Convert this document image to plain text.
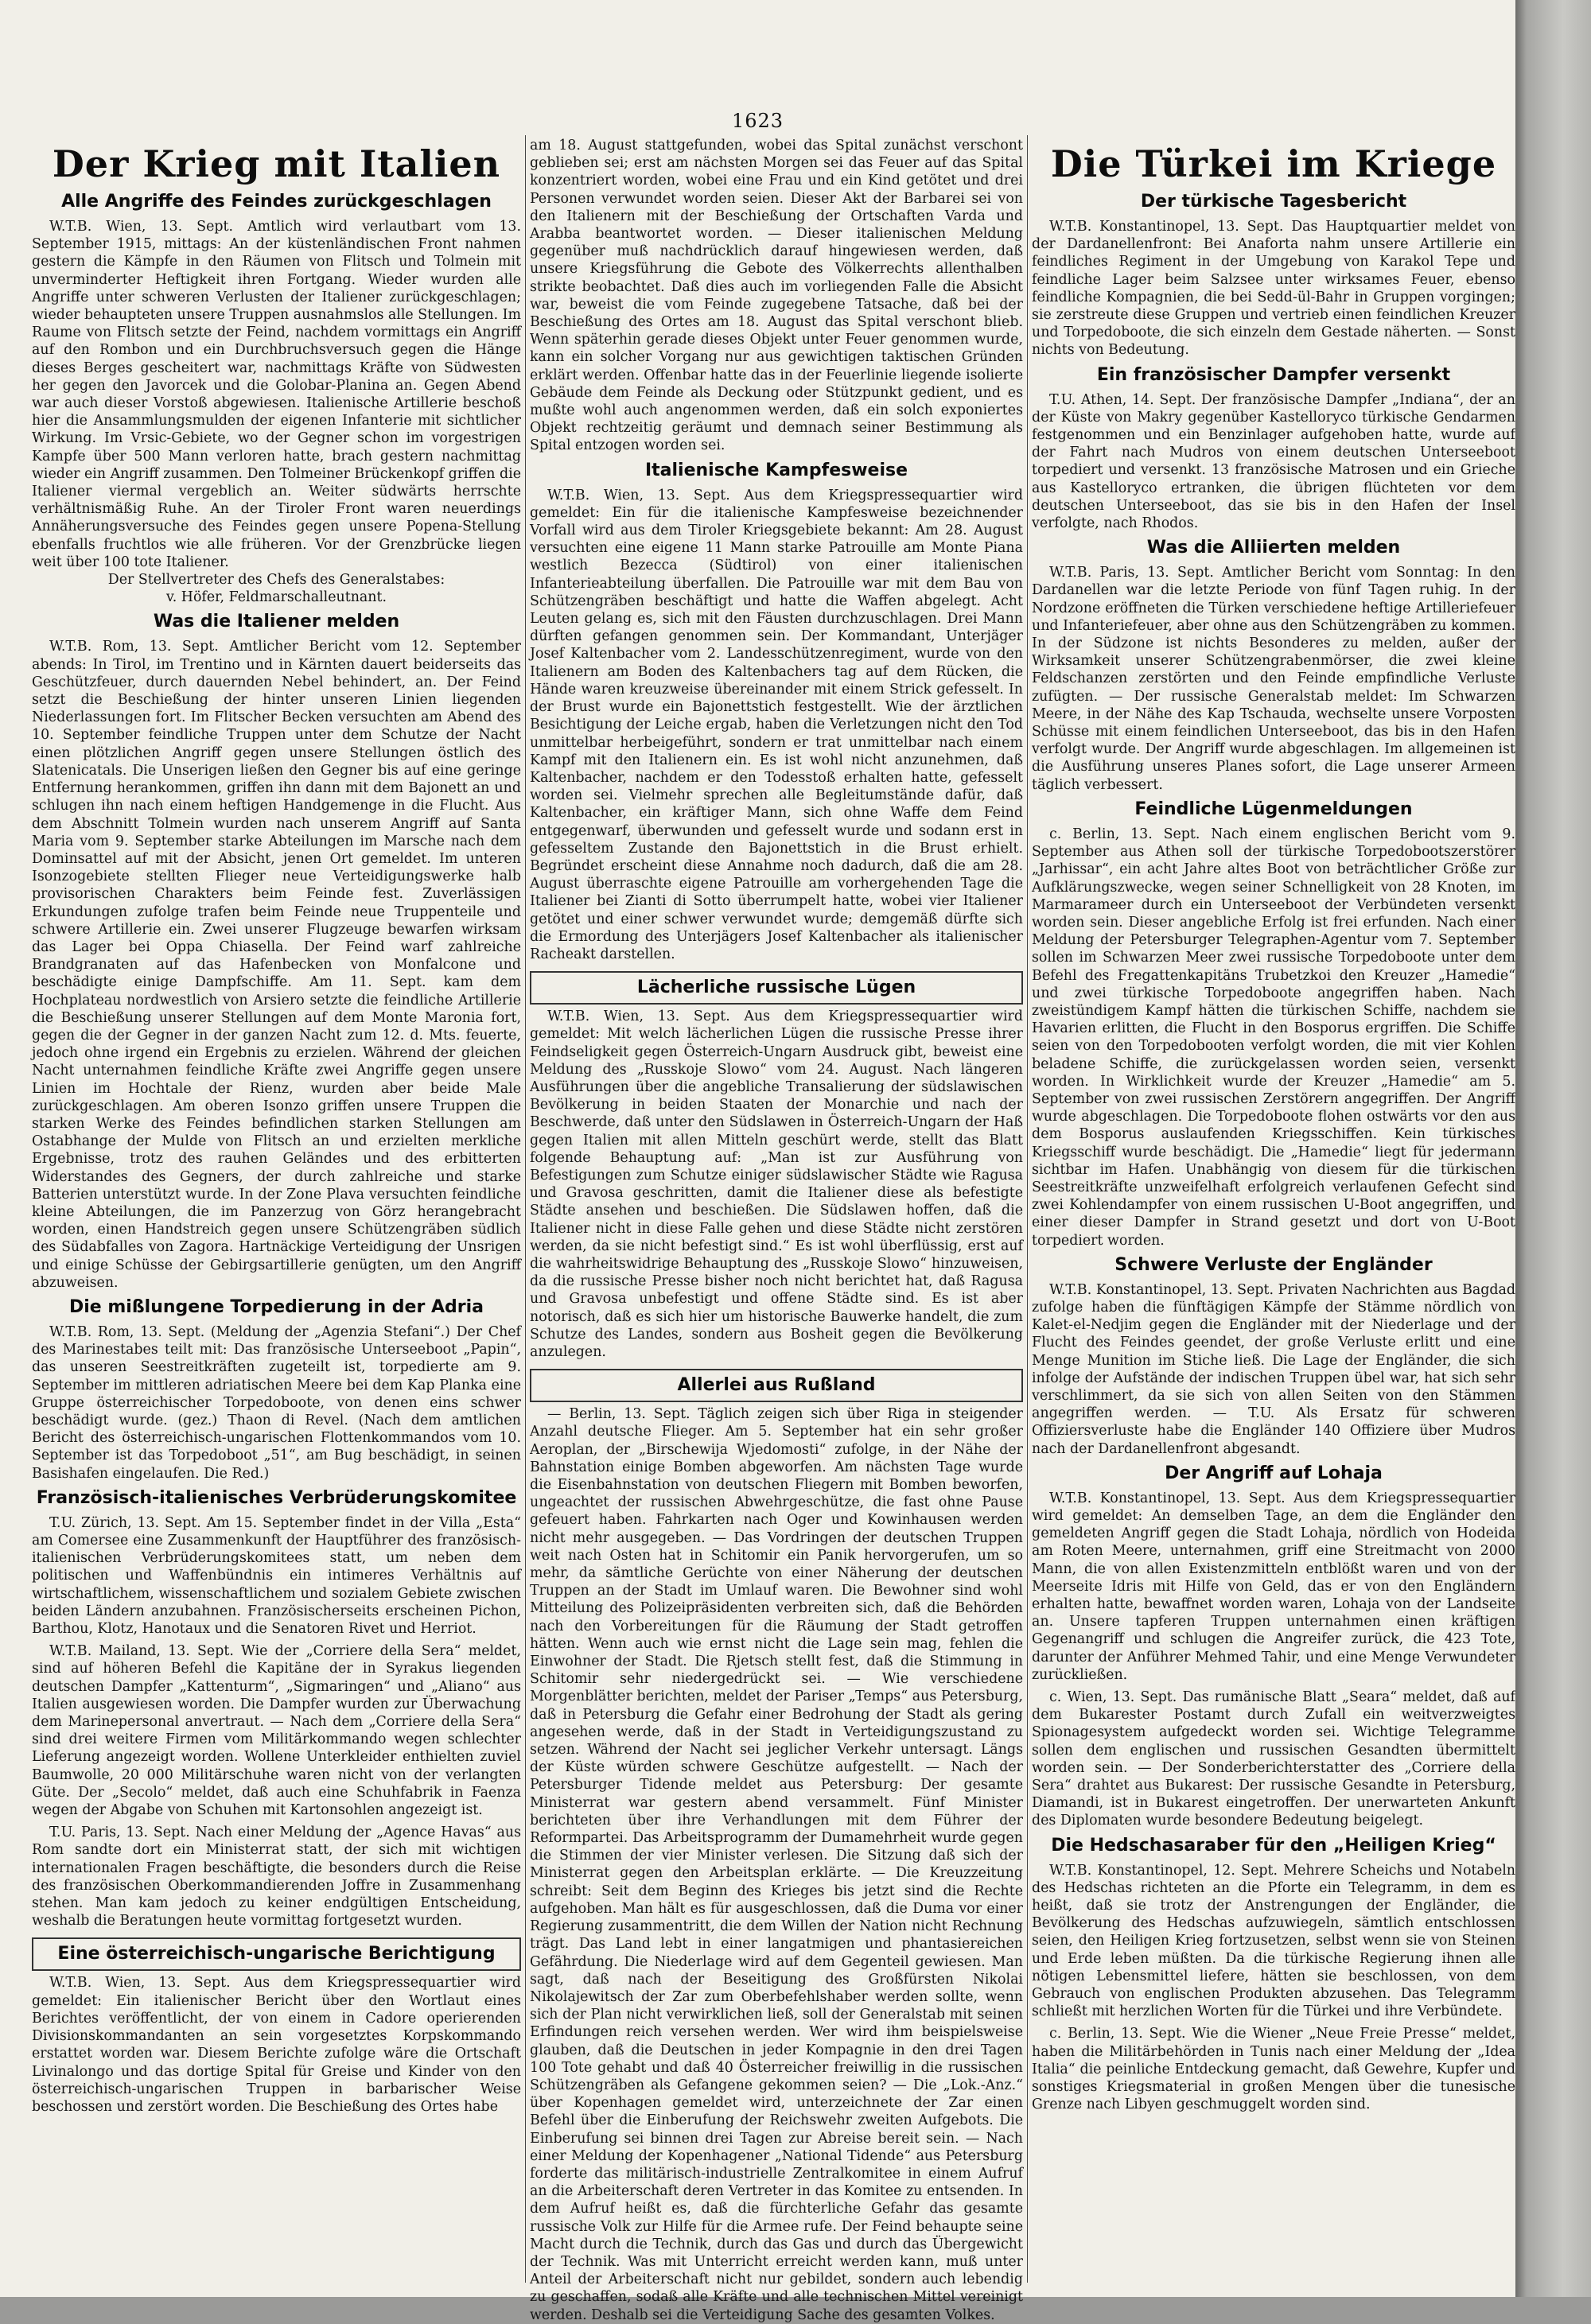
1623
Der Krieg mit Italien
Alle Angriffe des Feindes zurückgeschlagen

W.T.B. Wien, 13. Sept. Amtlich wird verlautbart vom 13. September 1915, mittags: An der küstenländischen Front nahmen gestern die Kämpfe in den Räumen von Flitsch und Tolmein mit unverminderter Heftigkeit ihren Fortgang. Wieder wurden alle Angriffe unter schweren Verlusten der Italiener zurückgeschlagen; wieder behaupteten unsere Truppen ausnahmslos alle Stellungen. Im Raume von Flitsch setzte der Feind, nachdem vormittags ein Angriff auf den Rombon und ein Durchbruchsversuch gegen die Hänge dieses Berges gescheitert war, nachmittags Kräfte von Südwesten her gegen den Javorcek und die Golobar-Planina an. Gegen Abend war auch dieser Vorstoß abgewiesen. Italienische Artillerie beschoß hier die Ansammlungsmulden der eigenen Infanterie mit sichtlicher Wirkung. Im Vrsic-Gebiete, wo der Gegner schon im vorgestrigen Kampfe über 500 Mann verloren hatte, brach gestern nachmittag wieder ein Angriff zusammen. Den Tolmeiner Brückenkopf griffen die Italiener viermal vergeblich an. Weiter südwärts herrschte verhältnismäßig Ruhe. An der Tiroler Front waren neuerdings Annäherungsversuche des Feindes gegen unsere Popena-Stellung ebenfalls fruchtlos wie alle früheren. Vor der Grenzbrücke liegen weit über 100 tote Italiener.

Der Stellvertreter des Chefs des Generalstabes:

v. Höfer, Feldmarschalleutnant.

Was die Italiener melden

W.T.B. Rom, 13. Sept. Amtlicher Bericht vom 12. September abends: In Tirol, im Trentino und in Kärnten dauert beiderseits das Geschützfeuer, durch dauernden Nebel behindert, an. Der Feind setzt die Beschießung der hinter unseren Linien liegenden Niederlassungen fort. Im Flitscher Becken versuchten am Abend des 10. September feindliche Truppen unter dem Schutze der Nacht einen plötzlichen Angriff gegen unsere Stellungen östlich des Slatenicatals. Die Unserigen ließen den Gegner bis auf eine geringe Entfernung herankommen, griffen ihn dann mit dem Bajonett an und schlugen ihn nach einem heftigen Handgemenge in die Flucht. Aus dem Abschnitt Tolmein wurden nach unserem Angriff auf Santa Maria vom 9. September starke Abteilungen im Marsche nach dem Dominsattel auf mit der Absicht, jenen Ort gemeldet. Im unteren Isonzogebiete stellten Flieger neue Verteidigungswerke halb provisorischen Charakters beim Feinde fest. Zuverlässigen Erkundungen zufolge trafen beim Feinde neue Truppenteile und schwere Artillerie ein. Zwei unserer Flugzeuge bewarfen wirksam das Lager bei Oppa Chiasella. Der Feind warf zahlreiche Brandgranaten auf das Hafenbecken von Monfalcone und beschädigte einige Dampfschiffe. Am 11. Sept. kam dem Hochplateau nordwestlich von Arsiero setzte die feindliche Artillerie die Beschießung unserer Stellungen auf dem Monte Maronia fort, gegen die der Gegner in der ganzen Nacht zum 12. d. Mts. feuerte, jedoch ohne irgend ein Ergebnis zu erzielen. Während der gleichen Nacht unternahmen feindliche Kräfte zwei Angriffe gegen unsere Linien im Hochtale der Rienz, wurden aber beide Male zurückgeschlagen. Am oberen Isonzo griffen unsere Truppen die starken Werke des Feindes befindlichen starken Stellungen am Ostabhange der Mulde von Flitsch an und erzielten merkliche Ergebnisse, trotz des rauhen Geländes und des erbitterten Widerstandes des Gegners, der durch zahlreiche und starke Batterien unterstützt wurde. In der Zone Plava versuchten feindliche kleine Abteilungen, die im Panzerzug von Görz herangebracht worden, einen Handstreich gegen unsere Schützengräben südlich des Südabfalles von Zagora. Hartnäckige Verteidigung der Unsrigen und einige Schüsse der Gebirgsartillerie genügten, um den Angriff abzuweisen.

Die mißlungene Torpedierung in der Adria

W.T.B. Rom, 13. Sept. (Meldung der „Agenzia Stefani“.) Der Chef des Marinestabes teilt mit: Das französische Unterseeboot „Papin“, das unseren Seestreitkräften zugeteilt ist, torpedierte am 9. September im mittleren adriatischen Meere bei dem Kap Planka eine Gruppe österreichischer Torpedoboote, von denen eins schwer beschädigt wurde. (gez.) Thaon di Revel. (Nach dem amtlichen Bericht des österreichisch-ungarischen Flottenkommandos vom 10. September ist das Torpedoboot „51“, am Bug beschädigt, in seinen Basishafen eingelaufen. Die Red.)

Französisch-italienisches Verbrüderungskomitee

T.U. Zürich, 13. Sept. Am 15. September findet in der Villa „Esta“ am Comersee eine Zusammenkunft der Hauptführer des französisch-italienischen Verbrüderungskomitees statt, um neben dem politischen und Waffenbündnis ein intimeres Verhältnis auf wirtschaftlichem, wissenschaftlichem und sozialem Gebiete zwischen beiden Ländern anzubahnen. Französischerseits erscheinen Pichon, Barthou, Klotz, Hanotaux und die Senatoren Rivet und Herriot.

W.T.B. Mailand, 13. Sept. Wie der „Corriere della Sera“ meldet, sind auf höheren Befehl die Kapitäne der in Syrakus liegenden deutschen Dampfer „Kattenturm“, „Sigmaringen“ und „Aliano“ aus Italien ausgewiesen worden. Die Dampfer wurden zur Überwachung dem Marinepersonal anvertraut. — Nach dem „Corriere della Sera“ sind drei weitere Firmen vom Militärkommando wegen schlechter Lieferung angezeigt worden. Wollene Unterkleider enthielten zuviel Baumwolle, 20 000 Militärschuhe waren nicht von der verlangten Güte. Der „Secolo“ meldet, daß auch eine Schuhfabrik in Faenza wegen der Abgabe von Schuhen mit Kartonsohlen angezeigt ist.

T.U. Paris, 13. Sept. Nach einer Meldung der „Agence Havas“ aus Rom sandte dort ein Ministerrat statt, der sich mit wichtigen internationalen Fragen beschäftigte, die besonders durch die Reise des französischen Oberkommandierenden Joffre in Zusammenhang stehen. Man kam jedoch zu keiner endgültigen Entscheidung, weshalb die Beratungen heute vormittag fortgesetzt wurden.

Eine österreichisch-ungarische Berichtigung

W.T.B. Wien, 13. Sept. Aus dem Kriegspressequartier wird gemeldet: Ein italienischer Bericht über den Wortlaut eines Berichtes veröffentlicht, der von einem in Cadore operierenden Divisionskommandanten an sein vorgesetztes Korpskommando erstattet worden war. Diesem Berichte zufolge wäre die Ortschaft Livinalongo und das dortige Spital für Greise und Kinder von den österreichisch-ungarischen Truppen in barbarischer Weise beschossen und zerstört worden. Die Beschießung des Ortes habe

am 18. August stattgefunden, wobei das Spital zunächst verschont geblieben sei; erst am nächsten Morgen sei das Feuer auf das Spital konzentriert worden, wobei eine Frau und ein Kind getötet und drei Personen verwundet worden seien. Dieser Akt der Barbarei sei von den Italienern mit der Beschießung der Ortschaften Varda und Arabba beantwortet worden. — Dieser italienischen Meldung gegenüber muß nachdrücklich darauf hingewiesen werden, daß unsere Kriegsführung die Gebote des Völkerrechts allenthalben strikte beobachtet. Daß dies auch im vorliegenden Falle die Absicht war, beweist die vom Feinde zugegebene Tatsache, daß bei der Beschießung des Ortes am 18. August das Spital verschont blieb. Wenn späterhin gerade dieses Objekt unter Feuer genommen wurde, kann ein solcher Vorgang nur aus gewichtigen taktischen Gründen erklärt werden. Offenbar hatte das in der Feuerlinie liegende isolierte Gebäude dem Feinde als Deckung oder Stützpunkt gedient, und es mußte wohl auch angenommen werden, daß ein solch exponiertes Objekt rechtzeitig geräumt und demnach seiner Bestimmung als Spital entzogen worden sei.

Italienische Kampfesweise

W.T.B. Wien, 13. Sept. Aus dem Kriegspressequartier wird gemeldet: Ein für die italienische Kampfesweise bezeichnender Vorfall wird aus dem Tiroler Kriegsgebiete bekannt: Am 28. August versuchten eine eigene 11 Mann starke Patrouille am Monte Piana westlich Bezecca (Südtirol) von einer italienischen Infanterieabteilung überfallen. Die Patrouille war mit dem Bau von Schützengräben beschäftigt und hatte die Waffen abgelegt. Acht Leuten gelang es, sich mit den Fäusten durchzuschlagen. Drei Mann dürften gefangen genommen sein. Der Kommandant, Unterjäger Josef Kaltenbacher vom 2. Landesschützenregiment, wurde von den Italienern am Boden des Kaltenbachers tag auf dem Rücken, die Hände waren kreuzweise übereinander mit einem Strick gefesselt. In der Brust wurde ein Bajonettstich festgestellt. Wie der ärztlichen Besichtigung der Leiche ergab, haben die Verletzungen nicht den Tod unmittelbar herbeigeführt, sondern er trat unmittelbar nach einem Kampf mit den Italienern ein. Es ist wohl nicht anzunehmen, daß Kaltenbacher, nachdem er den Todesstoß erhalten hatte, gefesselt worden sei. Vielmehr sprechen alle Begleitumstände dafür, daß Kaltenbacher, ein kräftiger Mann, sich ohne Waffe dem Feind entgegenwarf, überwunden und gefesselt wurde und sodann erst in gefesseltem Zustande den Bajonettstich in die Brust erhielt. Begründet erscheint diese Annahme noch dadurch, daß die am 28. August überraschte eigene Patrouille am vorhergehenden Tage die Italiener bei Zianti di Sotto überrumpelt hatte, wobei vier Italiener getötet und einer schwer verwundet wurde; demgemäß dürfte sich die Ermordung des Unterjägers Josef Kaltenbacher als italienischer Racheakt darstellen.

Lächerliche russische Lügen

W.T.B. Wien, 13. Sept. Aus dem Kriegspressequartier wird gemeldet: Mit welch lächerlichen Lügen die russische Presse ihrer Feindseligkeit gegen Österreich-Ungarn Ausdruck gibt, beweist eine Meldung des „Russkoje Slowo“ vom 24. August. Nach längeren Ausführungen über die angebliche Transalierung der südslawischen Bevölkerung in beiden Staaten der Monarchie und nach der Beschwerde, daß unter den Südslawen in Österreich-Ungarn der Haß gegen Italien mit allen Mitteln geschürt werde, stellt das Blatt folgende Behauptung auf: „Man ist zur Ausführung von Befestigungen zum Schutze einiger südslawischer Städte wie Ragusa und Gravosa geschritten, damit die Italiener diese als befestigte Städte ansehen und beschießen. Die Südslawen hoffen, daß die Italiener nicht in diese Falle gehen und diese Städte nicht zerstören werden, da sie nicht befestigt sind.“ Es ist wohl überflüssig, erst auf die wahrheitswidrige Behauptung des „Russkoje Slowo“ hinzuweisen, da die russische Presse bisher noch nicht berichtet hat, daß Ragusa und Gravosa unbefestigt und offene Städte sind. Es ist aber notorisch, daß es sich hier um historische Bauwerke handelt, die zum Schutze des Landes, sondern aus Bosheit gegen die Bevölkerung anzulegen.

Allerlei aus Rußland

— Berlin, 13. Sept. Täglich zeigen sich über Riga in steigender Anzahl deutsche Flieger. Am 5. September hat ein sehr großer Aeroplan, der „Birschewija Wjedomosti“ zufolge, in der Nähe der Bahnstation einige Bomben abgeworfen. Am nächsten Tage wurde die Eisenbahnstation von deutschen Fliegern mit Bomben beworfen, ungeachtet der russischen Abwehrgeschütze, die fast ohne Pause gefeuert haben. Fahrkarten nach Oger und Kowinhausen werden nicht mehr ausgegeben. — Das Vordringen der deutschen Truppen weit nach Osten hat in Schitomir ein Panik hervorgerufen, um so mehr, da sämtliche Gerüchte von einer Näherung der deutschen Truppen an der Stadt im Umlauf waren. Die Bewohner sind wohl Mitteilung des Polizeipräsidenten verbreiten sich, daß die Behörden nach den Vorbereitungen für die Räumung der Stadt getroffen hätten. Wenn auch wie ernst nicht die Lage sein mag, fehlen die Einwohner der Stadt. Die Rjetsch stellt fest, daß die Stimmung in Schitomir sehr niedergedrückt sei. — Wie verschiedene Morgenblätter berichten, meldet der Pariser „Temps“ aus Petersburg, daß in Petersburg die Gefahr einer Bedrohung der Stadt als gering angesehen werde, daß in der Stadt in Verteidigungszustand zu setzen. Während der Nacht sei jeglicher Verkehr untersagt. Längs der Küste würden schwere Geschütze aufgestellt. — Nach der Petersburger Tidende meldet aus Petersburg: Der gesamte Ministerrat war gestern abend versammelt. Fünf Minister berichteten über ihre Verhandlungen mit dem Führer der Reformpartei. Das Arbeitsprogramm der Dumamehrheit wurde gegen die Stimmen der vier Minister verlesen. Die Sitzung daß sich der Ministerrat gegen den Arbeitsplan erklärte. — Die Kreuzzeitung schreibt: Seit dem Beginn des Krieges bis jetzt sind die Rechte aufgehoben. Man hält es für ausgeschlossen, daß die Duma vor einer Regierung zusammentritt, die dem Willen der Nation nicht Rechnung trägt. Das Land lebt in einer langatmigen und phantasiereichen Gefährdung. Die Niederlage wird auf dem Gegenteil gewiesen. Man sagt, daß nach der Beseitigung des Großfürsten Nikolai Nikolajewitsch der Zar zum Oberbefehlshaber werden sollte, wenn sich der Plan nicht verwirklichen ließ, soll der Generalstab mit seinen Erfindungen reich versehen werden. Wer wird ihm beispielsweise glauben, daß die Deutschen in jeder Kompagnie in den drei Tagen 100 Tote gehabt und daß 40 Österreicher freiwillig in die russischen Schützengräben als Gefangene gekommen seien? — Die „Lok.-Anz.“ über Kopenhagen gemeldet wird, unterzeichnete der Zar einen Befehl über die Einberufung der Reichswehr zweiten Aufgebots. Die Einberufung sei binnen drei Tagen zur Abreise bereit sein. — Nach einer Meldung der Kopenhagener „National Tidende“ aus Petersburg forderte das militärisch-industrielle Zentralkomitee in einem Aufruf an die Arbeiterschaft deren Vertreter in das Komitee zu entsenden. In dem Aufruf heißt es, daß die fürchterliche Gefahr das gesamte russische Volk zur Hilfe für die Armee rufe. Der Feind behaupte seine Macht durch die Technik, durch das Gas und durch das Übergewicht der Technik. Was mit Unterricht erreicht werden kann, muß unter Anteil der Arbeiterschaft nicht nur gebildet, sondern auch lebendig zu geschaffen, sodaß alle Kräfte und alle technischen Mittel vereinigt werden. Deshalb sei die Verteidigung Sache des gesamten Volkes.

Die Türkei im Kriege
Der türkische Tagesbericht

W.T.B. Konstantinopel, 13. Sept. Das Hauptquartier meldet von der Dardanellenfront: Bei Anaforta nahm unsere Artillerie ein feindliches Regiment in der Umgebung von Karakol Tepe und feindliche Lager beim Salzsee unter wirksames Feuer, ebenso feindliche Kompagnien, die bei Sedd-ül-Bahr in Gruppen vorgingen; sie zerstreute diese Gruppen und vertrieb einen feindlichen Kreuzer und Torpedoboote, die sich einzeln dem Gestade näherten. — Sonst nichts von Bedeutung.

Ein französischer Dampfer versenkt

T.U. Athen, 14. Sept. Der französische Dampfer „Indiana“, der an der Küste von Makry gegenüber Kastellorycо türkische Gendarmen festgenommen und ein Benzinlager aufgehoben hatte, wurde auf der Fahrt nach Mudros von einem deutschen Unterseeboot torpediert und versenkt. 13 französische Matrosen und ein Grieche aus Kastellorycо ertranken, die übrigen flüchteten vor dem deutschen Unterseeboot, das sie bis in den Hafen der Insel verfolgte, nach Rhodos.

Was die Alliierten melden

W.T.B. Paris, 13. Sept. Amtlicher Bericht vom Sonntag: In den Dardanellen war die letzte Periode von fünf Tagen ruhig. In der Nordzone eröffneten die Türken verschiedene heftige Artilleriefeuer und Infanteriefeuer, aber ohne aus den Schützengräben zu kommen. In der Südzone ist nichts Besonderes zu melden, außer der Wirksamkeit unserer Schützengrabenmörser, die zwei kleine Feldschanzen zerstörten und den Feinde empfindliche Verluste zufügten. — Der russische Generalstab meldet: Im Schwarzen Meere, in der Nähe des Kap Tschauda, wechselte unsere Vorposten Schüsse mit einem feindlichen Unterseeboot, das bis in den Hafen verfolgt wurde. Der Angriff wurde abgeschlagen. Im allgemeinen ist die Ausführung unseres Planes sofort, die Lage unserer Armeen täglich verbessert.

Feindliche Lügenmeldungen

c. Berlin, 13. Sept. Nach einem englischen Bericht vom 9. September aus Athen soll der türkische Torpedobootszerstörer „Jarhissar“, ein acht Jahre altes Boot von beträchtlicher Größe zur Aufklärungszwecke, wegen seiner Schnelligkeit von 28 Knoten, im Marmarameer durch ein Unterseeboot der Verbündeten versenkt worden sein. Dieser angebliche Erfolg ist frei erfunden. Nach einer Meldung der Petersburger Telegraphen-Agentur vom 7. September sollen im Schwarzen Meer zwei russische Torpedoboote unter dem Befehl des Fregattenkapitäns Trubetzkoi den Kreuzer „Hamedie“ und zwei türkische Torpedoboote angegriffen haben. Nach zweistündigem Kampf hätten die türkischen Schiffe, nachdem sie Havarien erlitten, die Flucht in den Bosporus ergriffen. Die Schiffe seien von den Torpedobooten verfolgt worden, die mit vier Kohlen beladene Schiffe, die zurückgelassen worden seien, versenkt worden. In Wirklichkeit wurde der Kreuzer „Hamedie“ am 5. September von zwei russischen Zerstörern angegriffen. Der Angriff wurde abgeschlagen. Die Torpedoboote flohen ostwärts vor den aus dem Bosporus auslaufenden Kriegsschiffen. Kein türkisches Kriegsschiff wurde beschädigt. Die „Hamedie“ liegt für jedermann sichtbar im Hafen. Unabhängig von diesem für die türkischen Seestreitkräfte unzweifelhaft erfolgreich verlaufenen Gefecht sind zwei Kohlendampfer von einem russischen U-Boot angegriffen, und einer dieser Dampfer in Strand gesetzt und dort von U-Boot torpediert worden.

Schwere Verluste der Engländer

W.T.B. Konstantinopel, 13. Sept. Privaten Nachrichten aus Bagdad zufolge haben die fünftägigen Kämpfe der Stämme nördlich von Kalet-el-Nedjim gegen die Engländer mit der Niederlage und der Flucht des Feindes geendet, der große Verluste erlitt und eine Menge Munition im Stiche ließ. Die Lage der Engländer, die sich infolge der Aufstände der indischen Truppen übel war, hat sich sehr verschlimmert, da sie sich von allen Seiten von den Stämmen angegriffen werden. — T.U. Als Ersatz für schweren Offiziersverluste habe die Engländer 140 Offiziere über Mudros nach der Dardanellenfront abgesandt.

Der Angriff auf Lohaja

W.T.B. Konstantinopel, 13. Sept. Aus dem Kriegspressequartier wird gemeldet: An demselben Tage, an dem die Engländer den gemeldeten Angriff gegen die Stadt Lohaja, nördlich von Hodeida am Roten Meere, unternahmen, griff eine Streitmacht von 2000 Mann, die von allen Existenzmitteln entblößt waren und von der Meerseite Idris mit Hilfe von Geld, das er von den Engländern erhalten hatte, bewaffnet worden waren, Lohaja von der Landseite an. Unsere tapferen Truppen unternahmen einen kräftigen Gegenangriff und schlugen die Angreifer zurück, die 423 Tote, darunter der Anführer Mehmed Tahir, und eine Menge Verwundeter zurückließen.

c. Wien, 13. Sept. Das rumänische Blatt „Seara“ meldet, daß auf dem Bukarester Postamt durch Zufall ein weitverzweigtes Spionagesystem aufgedeckt worden sei. Wichtige Telegramme sollen dem englischen und russischen Gesandten übermittelt worden sein. — Der Sonderberichterstatter des „Corriere della Sera“ drahtet aus Bukarest: Der russische Gesandte in Petersburg, Diamandi, ist in Bukarest eingetroffen. Der unerwarteten Ankunft des Diplomaten wurde besondere Bedeutung beigelegt.

Die Hedschasaraber für den „Heiligen Krieg“

W.T.B. Konstantinopel, 12. Sept. Mehrere Scheichs und Notabeln des Hedschas richteten an die Pforte ein Telegramm, in dem es heißt, daß sie trotz der Anstrengungen der Engländer, die Bevölkerung des Hedschas aufzuwiegeln, sämtlich entschlossen seien, den Heiligen Krieg fortzusetzen, selbst wenn sie von Steinen und Erde leben müßten. Da die türkische Regierung ihnen alle nötigen Lebensmittel liefere, hätten sie beschlossen, von dem Gebrauch von englischen Produkten abzusehen. Das Telegramm schließt mit herzlichen Worten für die Türkei und ihre Verbündete.

c. Berlin, 13. Sept. Wie die Wiener „Neue Freie Presse“ meldet, haben die Militärbehörden in Tunis nach einer Meldung der „Idea Italia“ die peinliche Entdeckung gemacht, daß Gewehre, Kupfer und sonstiges Kriegsmaterial in großen Mengen über die tunesische Grenze nach Libyen geschmuggelt worden sind.
